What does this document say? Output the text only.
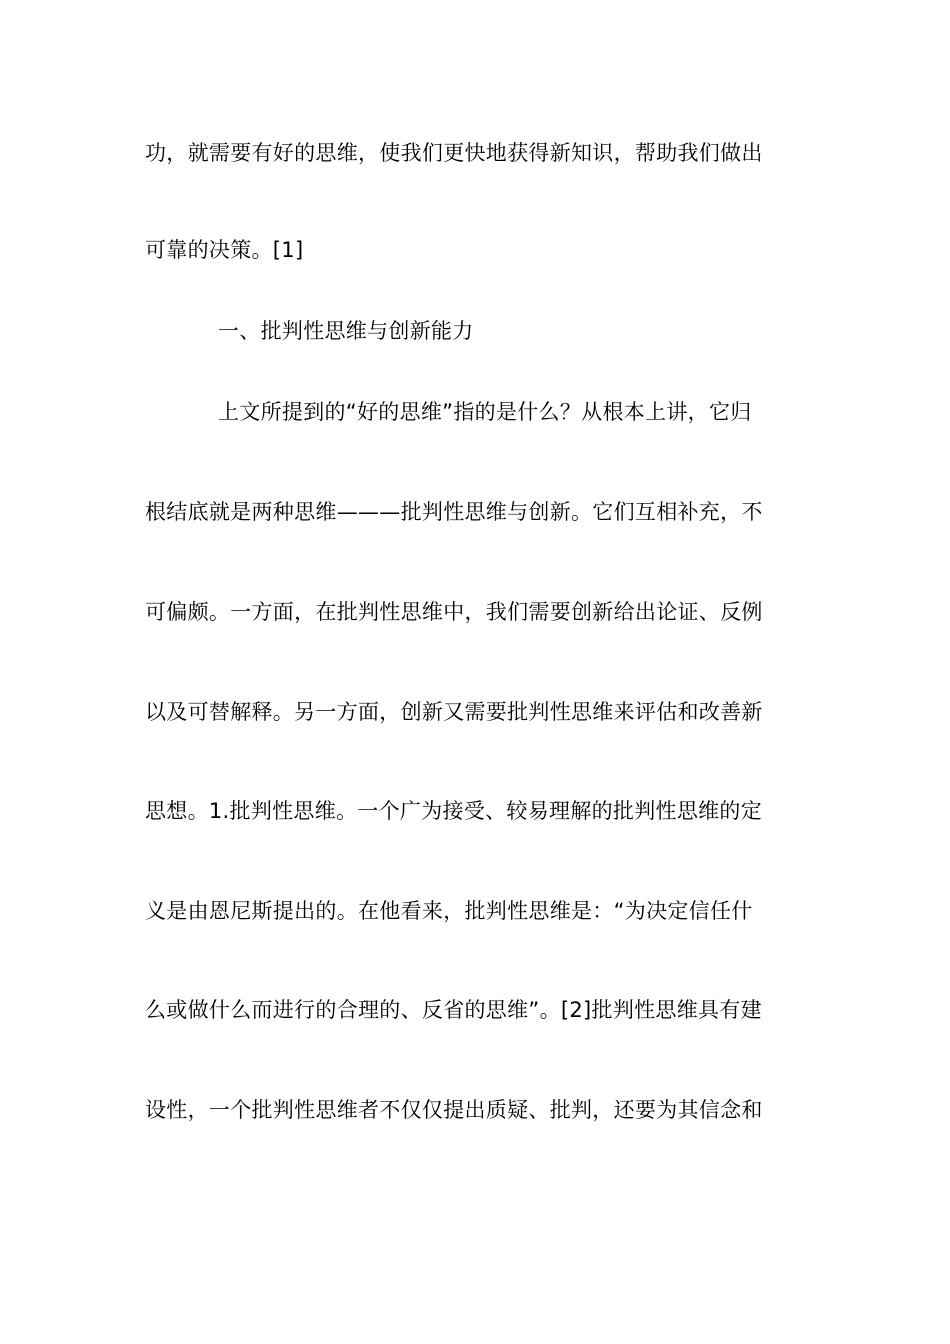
功，就需要有好的思维，使我们更快地获得新知识，帮助我们做出
可靠的决策。[1]
一、批判性思维与创新能力
上文所提到的“好的思维”指的是什么？从根本上讲，它归
根结底就是两种思维———批判性思维与创新。它们互相补充，不
可偏颇。一方面，在批判性思维中，我们需要创新给出论证、反例
以及可替解释。另一方面，创新又需要批判性思维来评估和改善新
思想。1.批判性思维。一个广为接受、较易理解的批判性思维的定
义是由恩尼斯提出的。在他看来，批判性思维是：“为决定信任什
么或做什么而进行的合理的、反省的思维”。[2]批判性思维具有建
设性，一个批判性思维者不仅仅提出质疑、批判，还要为其信念和
